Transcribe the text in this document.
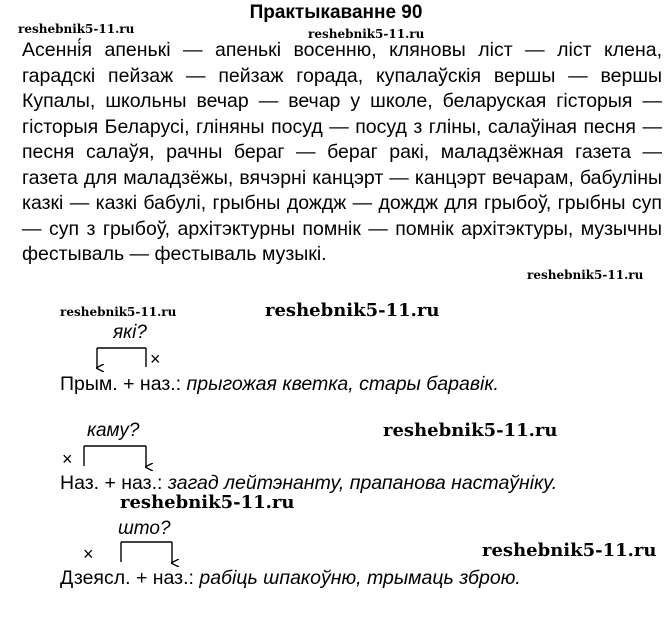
Практыкаванне 90
reshebnik5-11.ru	reshebnik5-11.ru
Асенні́я апенькі — апенькі восенню, кляновы ліст — ліст клена, гарадскі пейзаж — пейзаж горада, купалаўскія вершы — вершы Купалы, школьны вечар — вечар у школе, беларуская гісторыя — гісторыя Беларусі, гліняны посуд — посуд з гліны, салаўіная песня — песня салаўя, рачны бераг — бераг ракі, маладзёжная газета — газета для маладзёжы, вячэрні канцэрт — канцэрт вечарам, бабуліны казкі — казкі бабулі, грыбны дождж — дождж для грыбоў, грыбны суп — суп з грыбоў, архітэктурны помнік — помнік архітэктуры, музычны фестываль — фестываль музыкі.
reshebnik5-11.ru
reshebnik5-11.ru	reshebnik5-11.ru
reshebnik5-11.ru
reshebnik5-11.ru
reshebnik5-11.ru
які?
×
Прым. + наз.: прыгожая кветка, стары баравік.
каму?
×
Наз. + наз.: загад лейтэнанту, прапанова настаўніку.
што?
×
Дзеясл. + наз.: рабіць шпакоўню, трымаць зброю.
